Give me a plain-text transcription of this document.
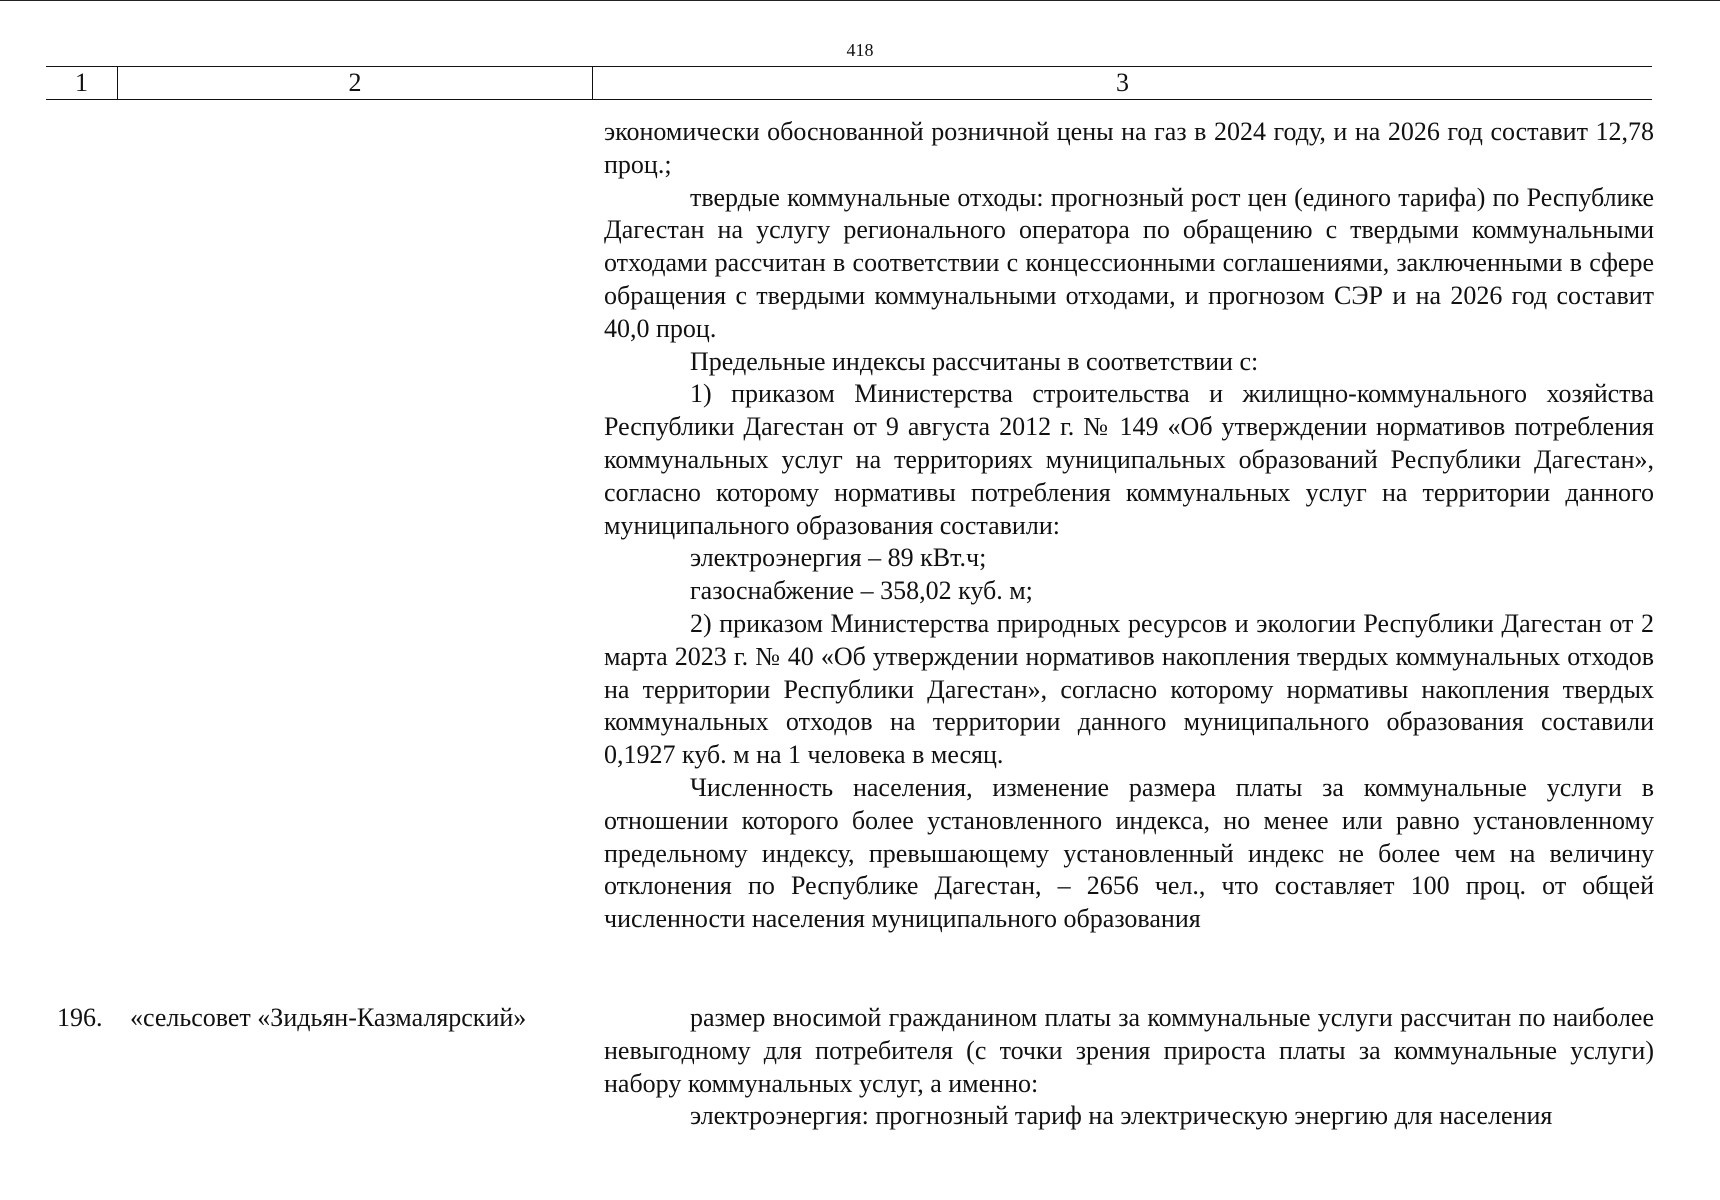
418
1	2	3

экономически обоснованной розничной цены на газ в 2024 году, и на 2026 год составит 12,78 проц.;

твердые коммунальные отходы: прогнозный рост цен (единого тарифа) по Республике Дагестан на услугу регионального оператора по обращению с твердыми коммунальными отходами рассчитан в соответствии с концессионными соглашениями, заключенными в сфере обращения с твердыми коммунальными отходами, и прогнозом СЭР и на 2026 год составит 40,0 проц.

Предельные индексы рассчитаны в соответствии с:

1) приказом Министерства строительства и жилищно-коммунального хозяйства Республики Дагестан от 9 августа 2012 г. № 149 «Об утверждении нормативов потребления коммунальных услуг на территориях муниципальных образований Республики Дагестан», согласно которому нормативы потребления коммунальных услуг на территории данного муниципального образования составили:

электроэнергия – 89 кВт.ч;

газоснабжение – 358,02 куб. м;

2) приказом Министерства природных ресурсов и экологии Республики Дагестан от 2 марта 2023 г. № 40 «Об утверждении нормативов накопления твердых коммунальных отходов на территории Республики Дагестан», согласно которому нормативы накопления твердых коммунальных отходов на территории данного муниципального образования составили 0,1927 куб. м на 1 человека в месяц.

Численность населения, изменение размера платы за коммунальные услуги в отношении которого более установленного индекса, но менее или равно установленному предельному индексу, превышающему установленный индекс не более чем на величину отклонения по Республике Дагестан, – 2656 чел., что составляет 100 проц. от общей численности населения муниципального образования

196. «сельсовет «Зидьян-Казмалярский»	размер вносимой гражданином платы за коммунальные услуги рассчитан по наиболее невыгодному для потребителя (с точки зрения прироста платы за коммунальные услуги) набору коммунальных услуг, а именно:

электроэнергия: прогнозный тариф на электрическую энергию для населения
